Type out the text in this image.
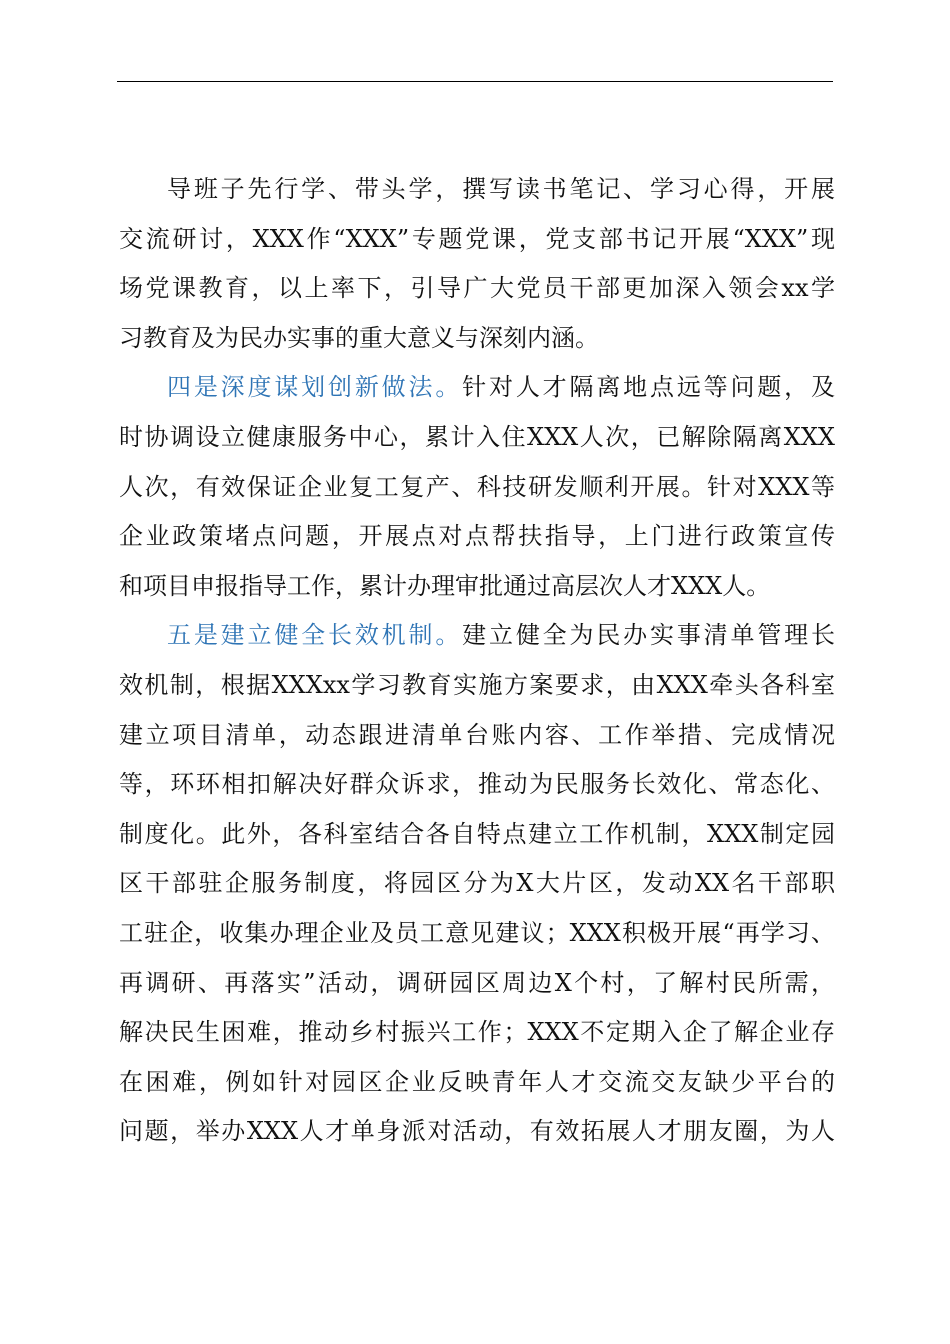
导班子先行学、带头学，撰写读书笔记、学习心得，开展
交流研讨，XXX作“XXX”专题党课，党支部书记开展“XXX”现
场党课教育，以上率下，引导广大党员干部更加深入领会xx学
习教育及为民办实事的重大意义与深刻内涵。
四是深度谋划创新做法。针对人才隔离地点远等问题，及
时协调设立健康服务中心，累计入住XXX人次，已解除隔离XXX
人次，有效保证企业复工复产、科技研发顺利开展。针对XXX等
企业政策堵点问题，开展点对点帮扶指导，上门进行政策宣传
和项目申报指导工作，累计办理审批通过高层次人才XXX人。
五是建立健全长效机制。建立健全为民办实事清单管理长
效机制，根据XXXxx学习教育实施方案要求，由XXX牵头各科室
建立项目清单，动态跟进清单台账内容、工作举措、完成情况
等，环环相扣解决好群众诉求，推动为民服务长效化、常态化、
制度化。此外，各科室结合各自特点建立工作机制，XXX制定园
区干部驻企服务制度，将园区分为X大片区，发动XX名干部职
工驻企，收集办理企业及员工意见建议；XXX积极开展“再学习、
再调研、再落实”活动，调研园区周边X个村，了解村民所需，
解决民生困难，推动乡村振兴工作；XXX不定期入企了解企业存
在困难，例如针对园区企业反映青年人才交流交友缺少平台的
问题，举办XXX人才单身派对活动，有效拓展人才朋友圈，为人
